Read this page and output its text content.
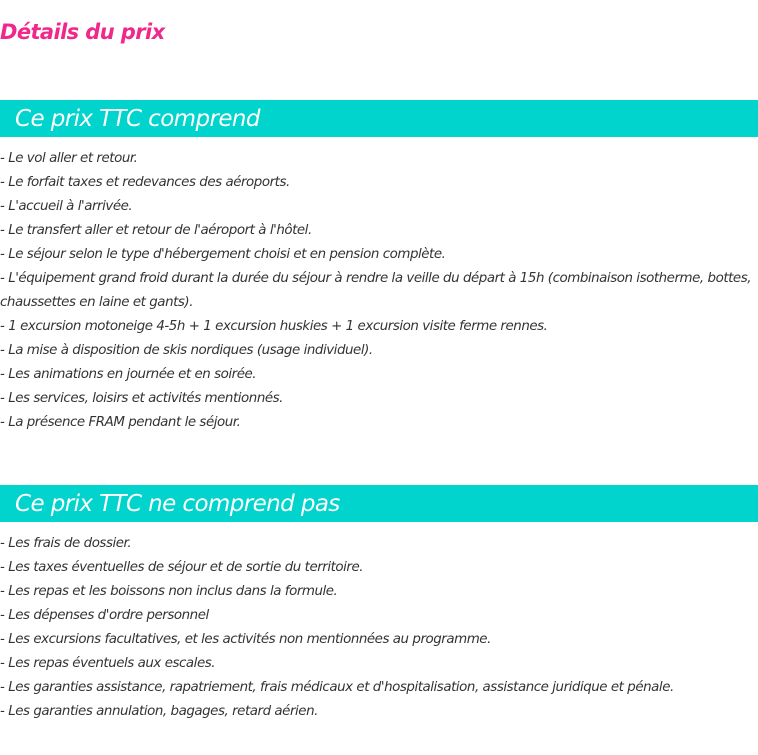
Détails du prix
Ce prix TTC comprend
- Le vol aller et retour.
- Le forfait taxes et redevances des aéroports.
- L'accueil à l'arrivée.
- Le transfert aller et retour de l'aéroport à l'hôtel.
- Le séjour selon le type d'hébergement choisi et en pension complète.
- L'équipement grand froid durant la durée du séjour à rendre la veille du départ à 15h (combinaison isotherme, bottes, chaussettes en laine et gants).
- 1 excursion motoneige 4-5h + 1 excursion huskies + 1 excursion visite ferme rennes.
- La mise à disposition de skis nordiques (usage individuel).
- Les animations en journée et en soirée.
- Les services, loisirs et activités mentionnés.
- La présence FRAM pendant le séjour.
Ce prix TTC ne comprend pas
- Les frais de dossier.
- Les taxes éventuelles de séjour et de sortie du territoire.
- Les repas et les boissons non inclus dans la formule.
- Les dépenses d'ordre personnel
- Les excursions facultatives, et les activités non mentionnées au programme.
- Les repas éventuels aux escales.
- Les garanties assistance, rapatriement, frais médicaux et d'hospitalisation, assistance juridique et pénale.
- Les garanties annulation, bagages, retard aérien.
